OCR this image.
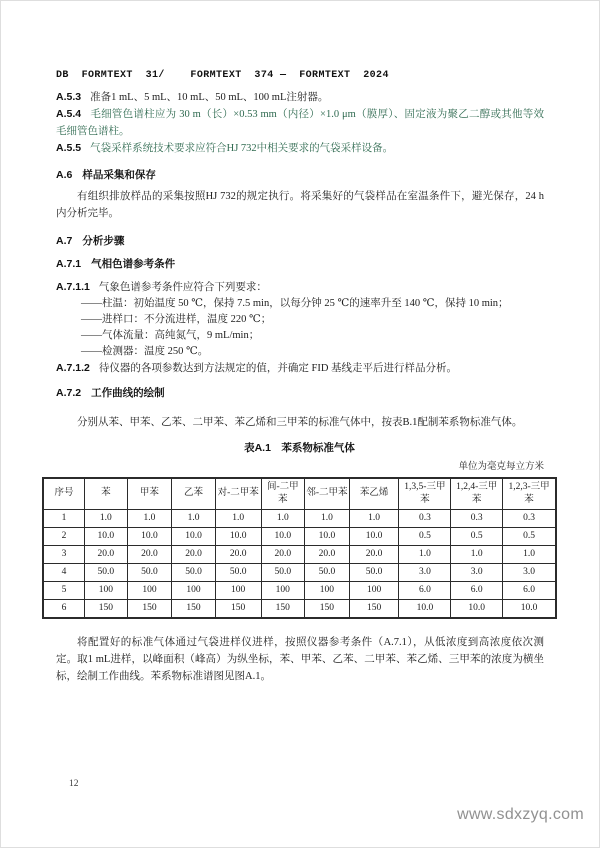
DB  FORMTEXT  31/    FORMTEXT  374 —  FORMTEXT  2024

A.5.3 准备1 mL、5 mL、10 mL、50 mL、100 mL注射器。

A.5.4 毛细管色谱柱应为 30 m（长）×0.53 mm（内径）×1.0 μm（膜厚）、固定液为聚乙二醇或其他等效毛细管色谱柱。

A.5.5 气袋采样系统技术要求应符合HJ 732中相关要求的气袋采样设备。

A.6 样品采集和保存

有组织排放样品的采集按照HJ 732的规定执行。将采集好的气袋样品在室温条件下，避光保存，24 h内分析完毕。

A.7 分析步骤

A.7.1 气相色谱参考条件

A.7.1.1 气象色谱参考条件应符合下列要求：

——柱温：初始温度 50 ℃，保持 7.5 min，以每分钟 25 ℃的速率升至 140 ℃，保持 10 min；
——进样口：不分流进样，温度 220 ℃；
——气体流量：高纯氮气，9 mL/min；
——检测器：温度 250 ℃。

A.7.1.2 待仪器的各项参数达到方法规定的值，并确定 FID 基线走平后进行样品分析。

A.7.2 工作曲线的绘制

分别从苯、甲苯、乙苯、二甲苯、苯乙烯和三甲苯的标准气体中，按表B.1配制苯系物标准气体。

表A.1　苯系物标准气体
单位为毫克每立方米
序号	苯	甲苯	乙苯	对-二甲苯	间-二甲苯	邻-二甲苯	苯乙烯	1,3,5-三甲苯	1,2,4-三甲苯	1,2,3-三甲苯
1	1.0	1.0	1.0	1.0	1.0	1.0	1.0	0.3	0.3	0.3
2	10.0	10.0	10.0	10.0	10.0	10.0	10.0	0.5	0.5	0.5
3	20.0	20.0	20.0	20.0	20.0	20.0	20.0	1.0	1.0	1.0
4	50.0	50.0	50.0	50.0	50.0	50.0	50.0	3.0	3.0	3.0
5	100	100	100	100	100	100	100	6.0	6.0	6.0
6	150	150	150	150	150	150	150	10.0	10.0	10.0

将配置好的标准气体通过气袋进样仪进样，按照仪器参考条件（A.7.1），从低浓度到高浓度依次测定。取1 mL进样，以峰面积（峰高）为纵坐标，苯、甲苯、乙苯、二甲苯、苯乙烯、三甲苯的浓度为横坐标，绘制工作曲线。苯系物标准谱图见图A.1。

12
www.sdxzyq.com
